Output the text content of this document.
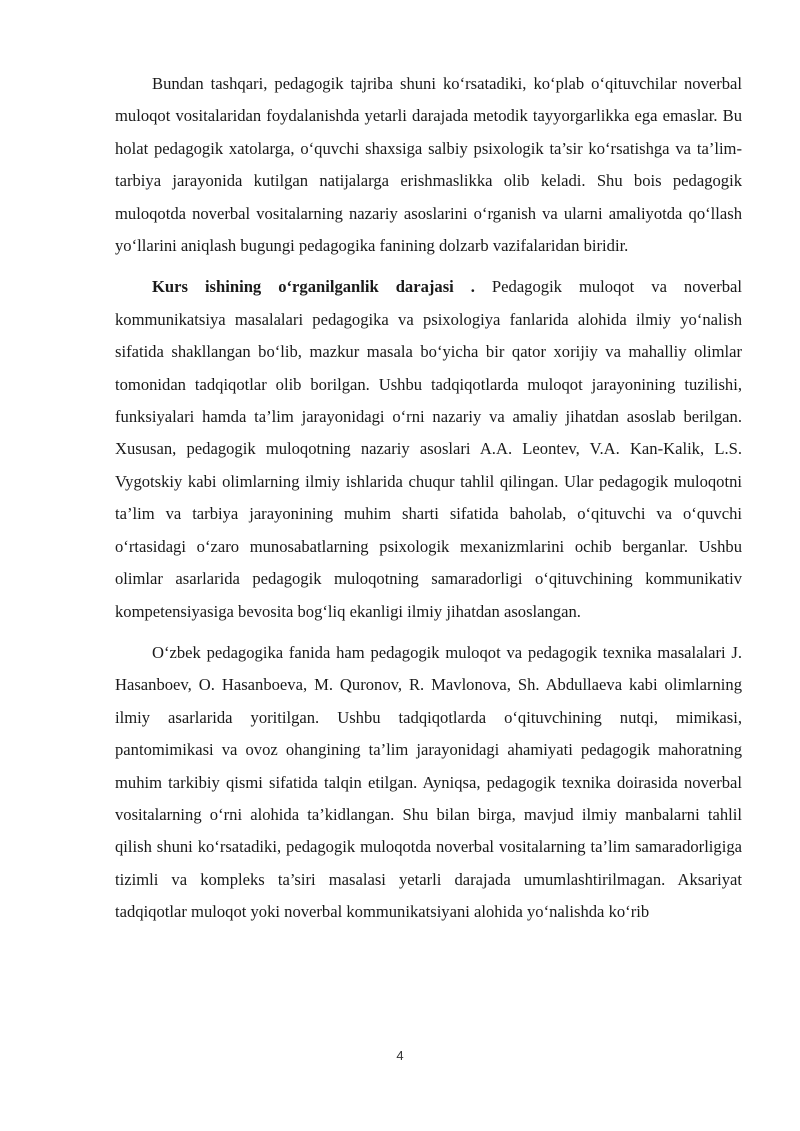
Bundan tashqari, pedagogik tajriba shuni ko‘rsatadiki, ko‘plab o‘qituvchilar noverbal muloqot vositalaridan foydalanishda yetarli darajada metodik tayyorgarlikka ega emaslar. Bu holat pedagogik xatolarga, o‘quvchi shaxsiga salbiy psixologik ta’sir ko‘rsatishga va ta’lim-tarbiya jarayonida kutilgan natijalarga erishmaslikka olib keladi. Shu bois pedagogik muloqotda noverbal vositalarning nazariy asoslarini o‘rganish va ularni amaliyotda qo‘llash yo‘llarini aniqlash bugungi pedagogika fanining dolzarb vazifalaridan biridir.

Kurs ishining o‘rganilganlik darajasi . Pedagogik muloqot va noverbal kommunikatsiya masalalari pedagogika va psixologiya fanlarida alohida ilmiy yo‘nalish sifatida shakllangan bo‘lib, mazkur masala bo‘yicha bir qator xorijiy va mahalliy olimlar tomonidan tadqiqotlar olib borilgan. Ushbu tadqiqotlarda muloqot jarayonining tuzilishi, funksiyalari hamda ta’lim jarayonidagi o‘rni nazariy va amaliy jihatdan asoslab berilgan. Xususan, pedagogik muloqotning nazariy asoslari A.A. Leontev, V.A. Kan-Kalik, L.S. Vygotskiy kabi olimlarning ilmiy ishlarida chuqur tahlil qilingan. Ular pedagogik muloqotni ta’lim va tarbiya jarayonining muhim sharti sifatida baholab, o‘qituvchi va o‘quvchi o‘rtasidagi o‘zaro munosabatlarning psixologik mexanizmlarini ochib berganlar. Ushbu olimlar asarlarida pedagogik muloqotning samaradorligi o‘qituvchining kommunikativ kompetensiyasiga bevosita bog‘liq ekanligi ilmiy jihatdan asoslangan.

O‘zbek pedagogika fanida ham pedagogik muloqot va pedagogik texnika masalalari J. Hasanboev, O. Hasanboeva, M. Quronov, R. Mavlonova, Sh. Abdullaeva kabi olimlarning ilmiy asarlarida yoritilgan. Ushbu tadqiqotlarda o‘qituvchining nutqi, mimikasi, pantomimikasi va ovoz ohangining ta’lim jarayonidagi ahamiyati pedagogik mahoratning muhim tarkibiy qismi sifatida talqin etilgan. Ayniqsa, pedagogik texnika doirasida noverbal vositalarning o‘rni alohida ta’kidlangan. Shu bilan birga, mavjud ilmiy manbalarni tahlil qilish shuni ko‘rsatadiki, pedagogik muloqotda noverbal vositalarning ta’lim samaradorligiga tizimli va kompleks ta’siri masalasi yetarli darajada umumlashtirilmagan. Aksariyat tadqiqotlar muloqot yoki noverbal kommunikatsiyani alohida yo‘nalishda ko‘rib

4
